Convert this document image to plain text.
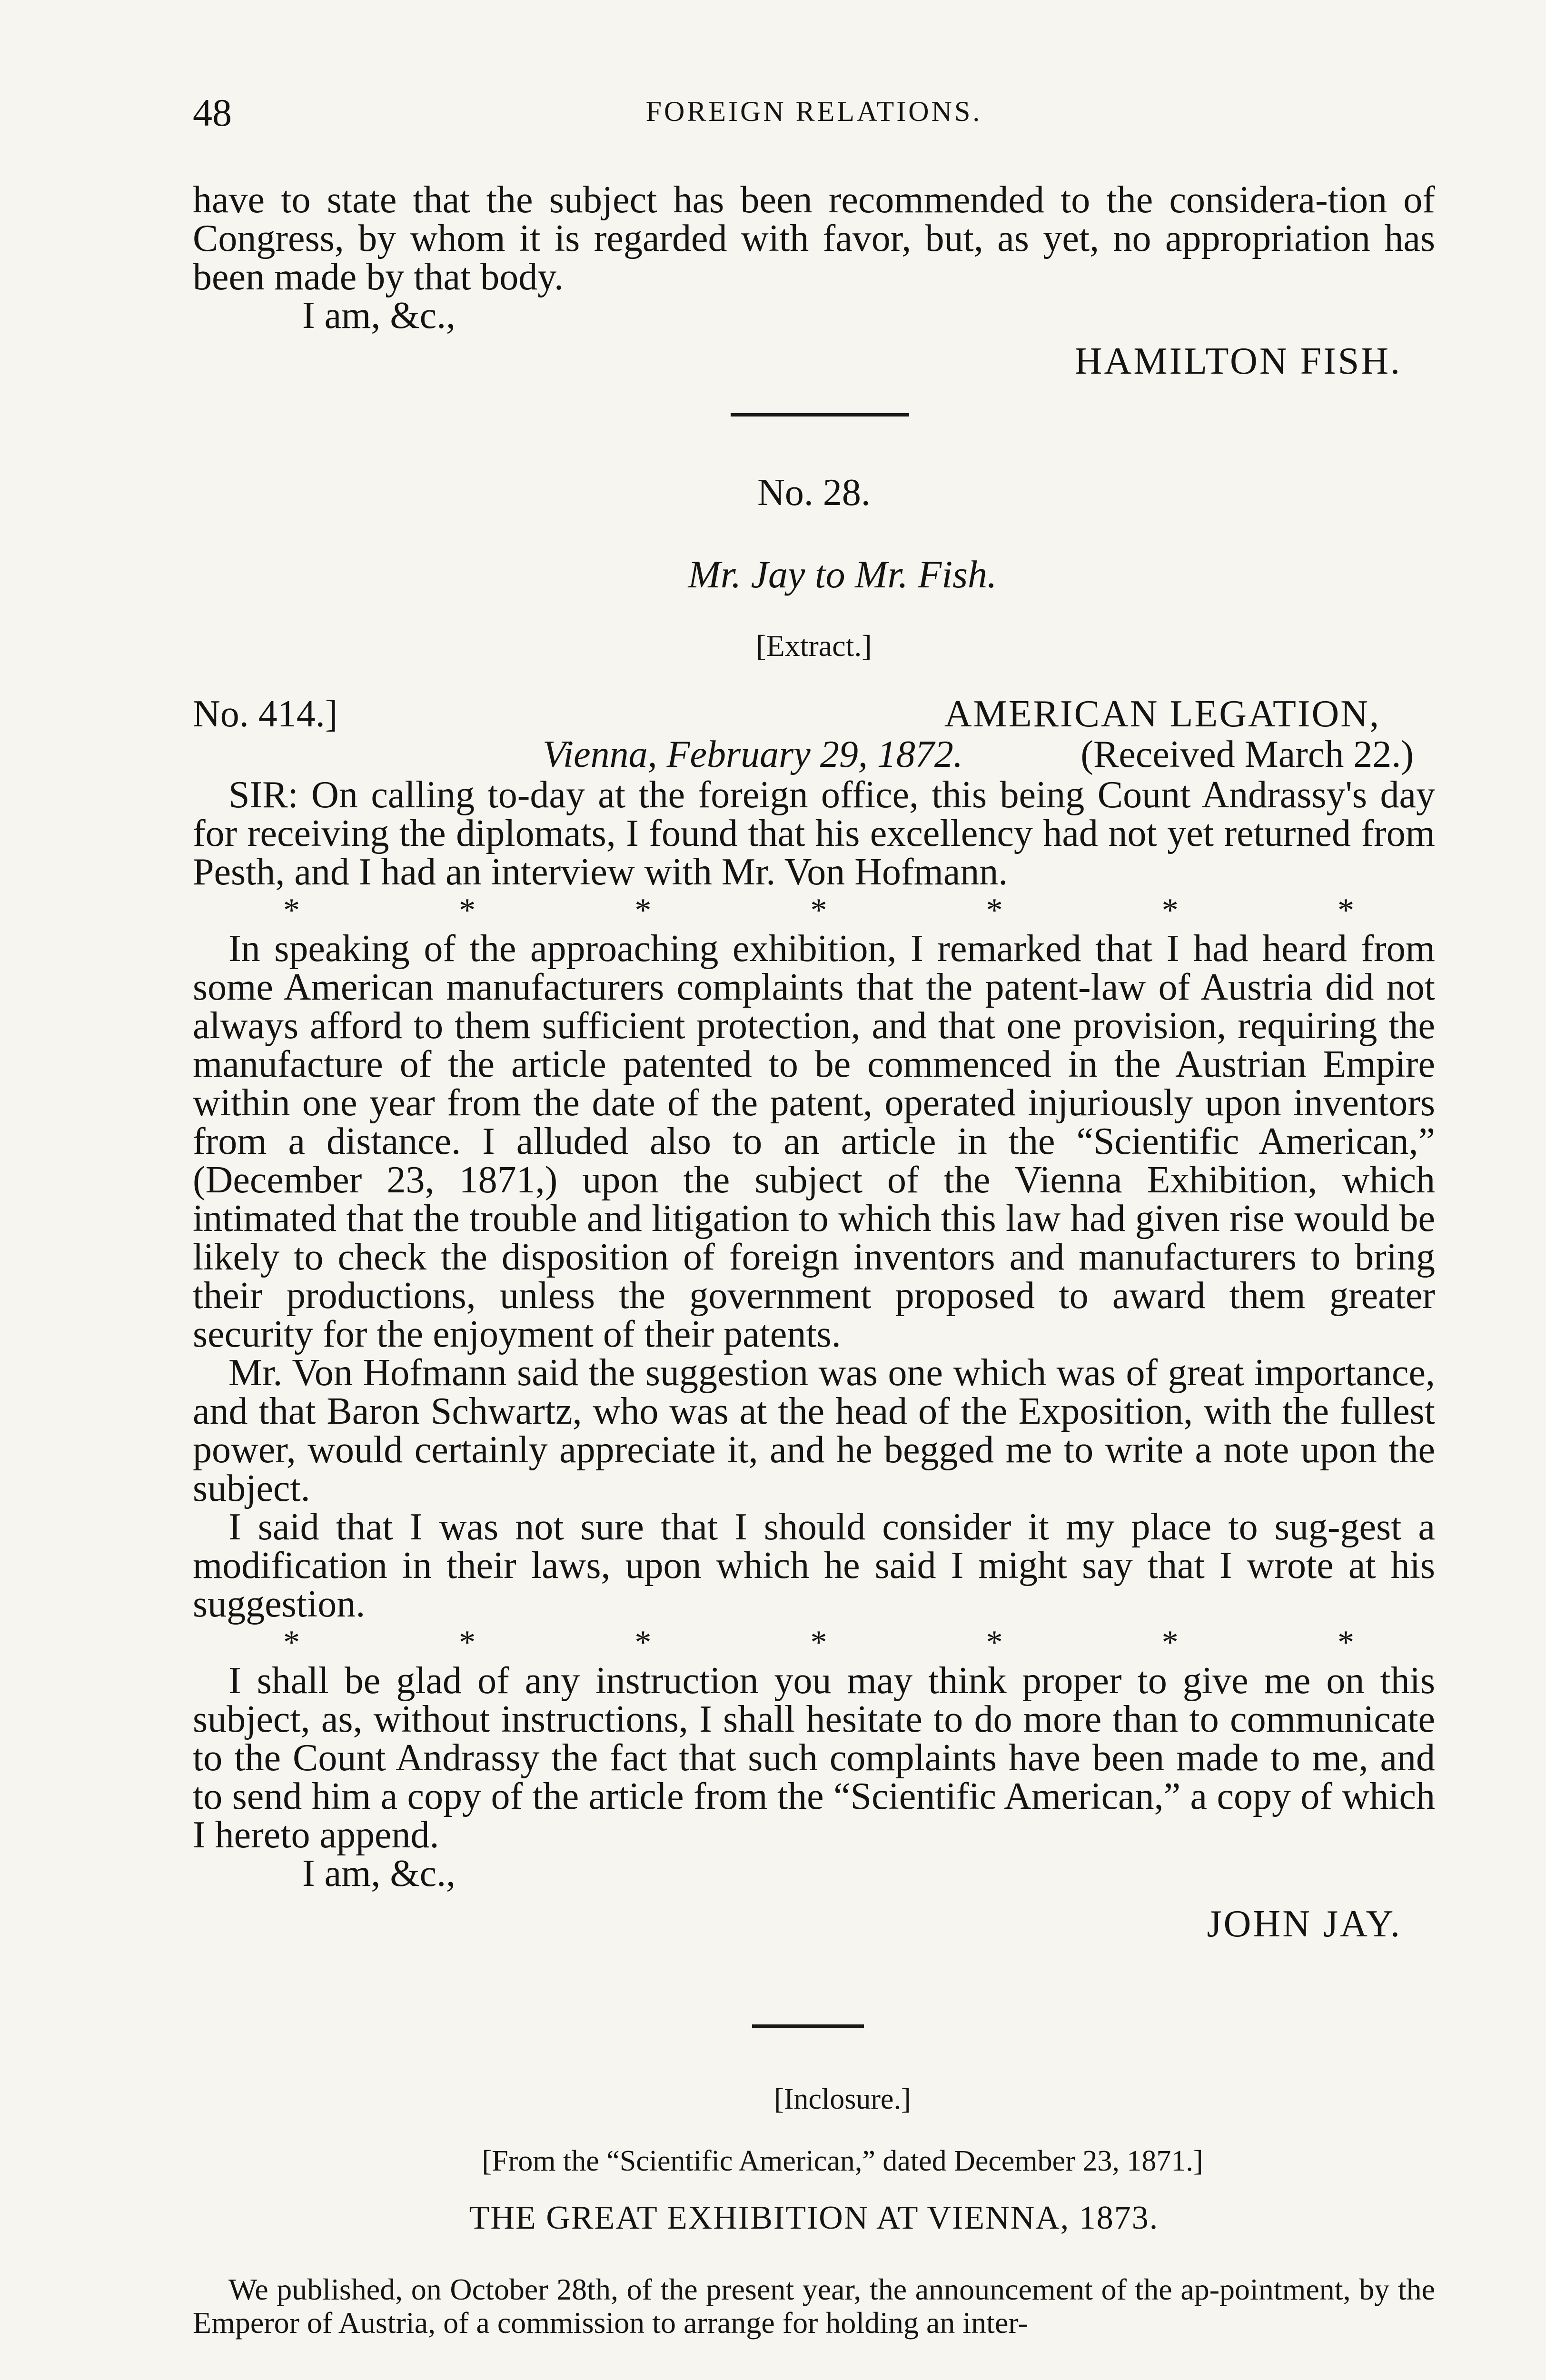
48	FOREIGN RELATIONS.

have to state that the subject has been recommended to the considera-tion of Congress, by whom it is regarded with favor, but, as yet, no appropriation has been made by that body.

I am, &c.,

HAMILTON FISH.

No. 28.
Mr. Jay to Mr. Fish.
[Extract.]
No. 414.]	AMERICAN LEGATION,
Vienna, February 29, 1872.	(Received March 22.)

SIR: On calling to-day at the foreign office, this being Count Andrassy's day for receiving the diplomats, I found that his excellency had not yet returned from Pesth, and I had an interview with Mr. Von Hofmann.

*	*	*	*	*	*	*

In speaking of the approaching exhibition, I remarked that I had heard from some American manufacturers complaints that the patent-law of Austria did not always afford to them sufficient protection, and that one provision, requiring the manufacture of the article patented to be commenced in the Austrian Empire within one year from the date of the patent, operated injuriously upon inventors from a distance. I alluded also to an article in the “Scientific American,” (December 23, 1871,) upon the subject of the Vienna Exhibition, which intimated that the trouble and litigation to which this law had given rise would be likely to check the disposition of foreign inventors and manufacturers to bring their productions, unless the government proposed to award them greater security for the enjoyment of their patents.

Mr. Von Hofmann said the suggestion was one which was of great importance, and that Baron Schwartz, who was at the head of the Exposition, with the fullest power, would certainly appreciate it, and he begged me to write a note upon the subject.

I said that I was not sure that I should consider it my place to sug-gest a modification in their laws, upon which he said I might say that I wrote at his suggestion.

*	*	*	*	*	*	*

I shall be glad of any instruction you may think proper to give me on this subject, as, without instructions, I shall hesitate to do more than to communicate to the Count Andrassy the fact that such complaints have been made to me, and to send him a copy of the article from the “Scientific American,” a copy of which I hereto append.

I am, &c.,

JOHN JAY.

[Inclosure.]
[From the “Scientific American,” dated December 23, 1871.]
THE GREAT EXHIBITION AT VIENNA, 1873.

We published, on October 28th, of the present year, the announcement of the ap-pointment, by the Emperor of Austria, of a commission to arrange for holding an inter-
